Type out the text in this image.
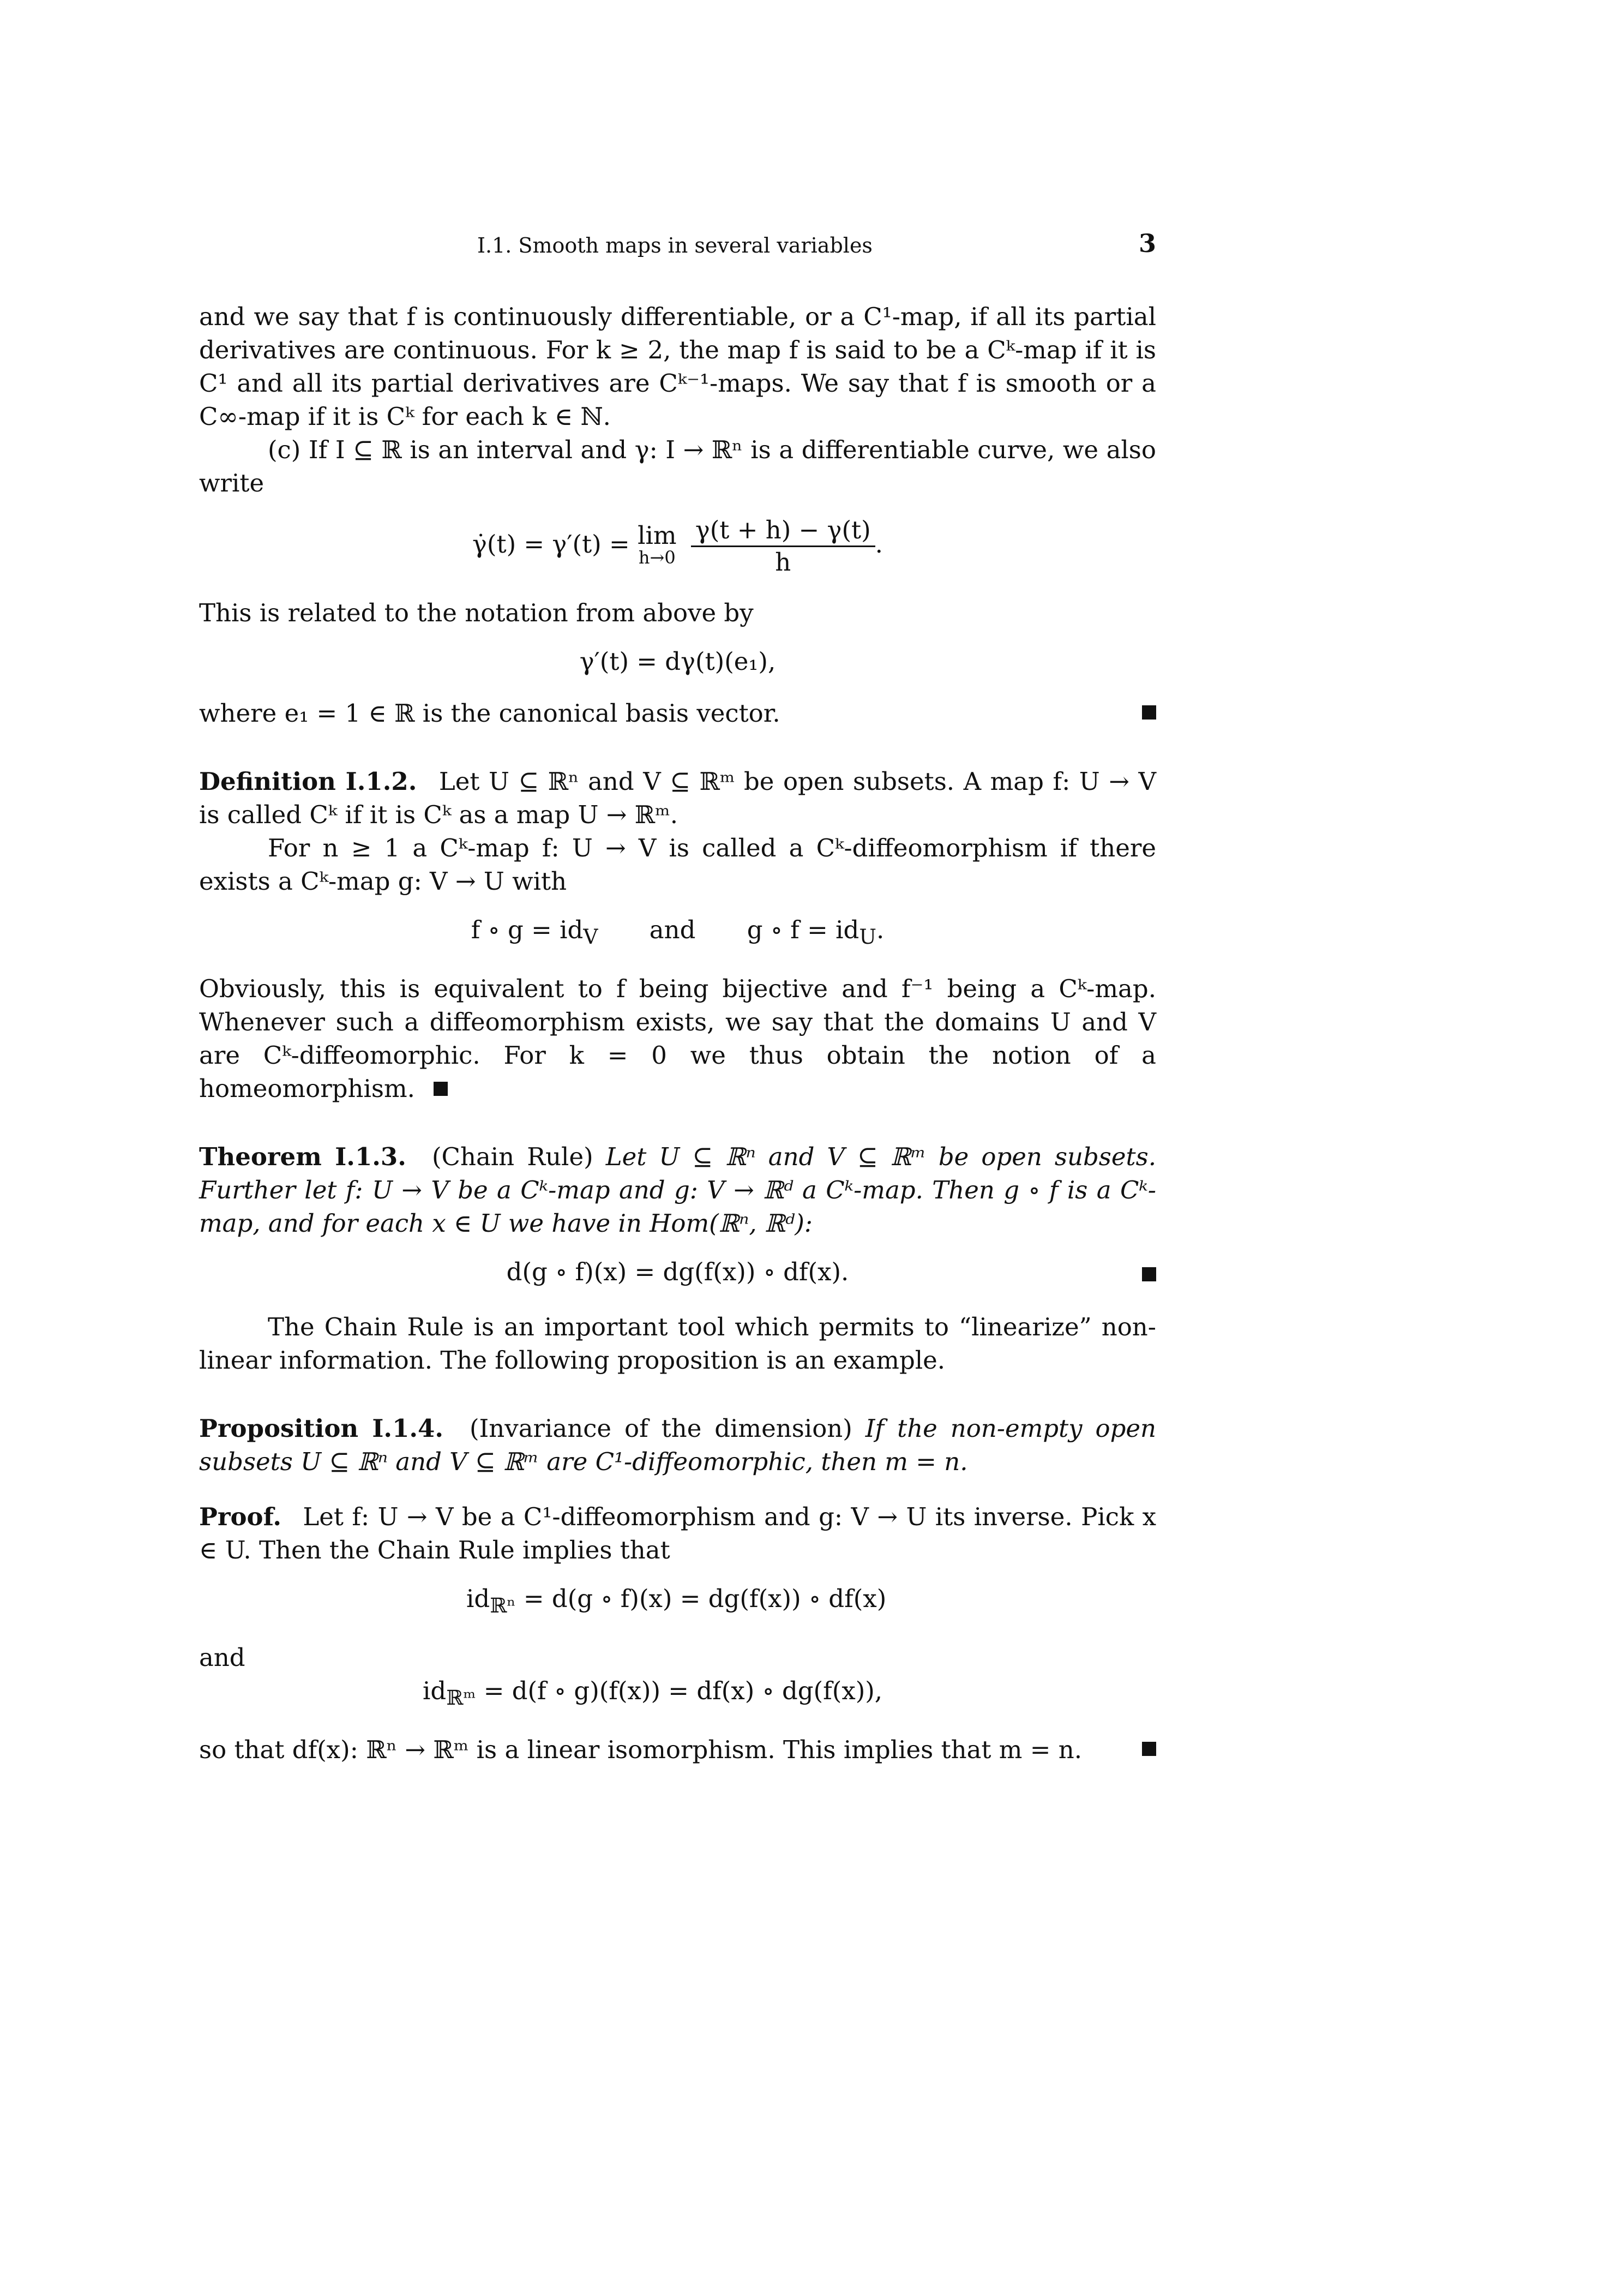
I.1. Smooth maps in several variables	3

and we say that f is continuously differentiable, or a C¹-map, if all its partial derivatives are continuous. For k ≥ 2, the map f is said to be a Cᵏ-map if it is C¹ and all its partial derivatives are Cᵏ⁻¹-maps. We say that f is smooth or a C∞-map if it is Cᵏ for each k ∈ ℕ.

(c) If I ⊆ ℝ is an interval and γ: I → ℝⁿ is a differentiable curve, we also write

γ̇(t) = γ′(t) = lim
h→0
$\frac{\gamma(t + h) - \gamma(t)}{h}$ .

This is related to the notation from above by

γ′(t) = dγ(t)(e₁),

where e₁ = 1 ∈ ℝ is the canonical basis vector.

Definition I.1.2. Let U ⊆ ℝⁿ and V ⊆ ℝᵐ be open subsets. A map f: U → V is called Cᵏ if it is Cᵏ as a map U → ℝᵐ.

For n ≥ 1 a Cᵏ-map f: U → V is called a Cᵏ-diffeomorphism if there exists a Cᵏ-map g: V → U with

f ∘ $g = id_V$ and g ∘ $f = id_U$.

Obviously, this is equivalent to f being bijective and f⁻¹ being a Cᵏ-map. Whenever such a diffeomorphism exists, we say that the domains U and V are Cᵏ-diffeomorphic. For k = 0 we thus obtain the notion of a homeomorphism.

Theorem I.1.3. (Chain Rule) Let U ⊆ ℝⁿ and V ⊆ ℝᵐ be open subsets. Further let f: U → V be a Cᵏ-map and g: V → ℝᵈ a Cᵏ-map. Then g ∘ f is a Cᵏ-map, and for each x ∈ U we have in Hom(ℝⁿ, ℝᵈ):

d(g ∘ f)(x) = dg(f(x)) ∘ df(x).

The Chain Rule is an important tool which permits to “linearize” non-linear information. The following proposition is an example.

Proposition I.1.4. (Invariance of the dimension) If the non-empty open subsets U ⊆ ℝⁿ and V ⊆ ℝᵐ are C¹-diffeomorphic, then m = n.

Proof. Let f: U → V be a C¹-diffeomorphism and g: V → U its inverse. Pick x ∈ U. Then the Chain Rule implies that

$id_{ℝ^n} = d(g$ ∘ f)(x) = dg(f(x)) ∘ df(x)

and

$id_{ℝᵐ} = d(f$ ∘ g)(f(x)) = df(x) ∘ dg(f(x)),

so that df(x): ℝⁿ → ℝᵐ is a linear isomorphism. This implies that m = n.
